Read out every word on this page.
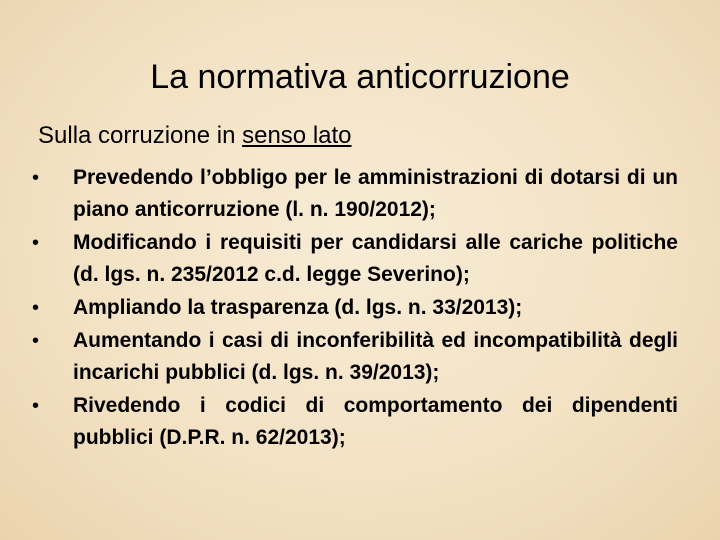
La normativa anticorruzione

Sulla corruzione in senso lato

• Prevedendo l’obbligo per le amministrazioni di dotarsi di un piano anticorruzione (l. n. 190/2012);
• Modificando i requisiti per candidarsi alle cariche politiche (d. lgs. n. 235/2012 c.d. legge Severino);
• Ampliando la trasparenza (d. lgs. n. 33/2013);
• Aumentando i casi di inconferibilità ed incompatibilità degli incarichi pubblici (d. lgs. n. 39/2013);
• Rivedendo i codici di comportamento dei dipendenti pubblici (D.P.R. n. 62/2013);
